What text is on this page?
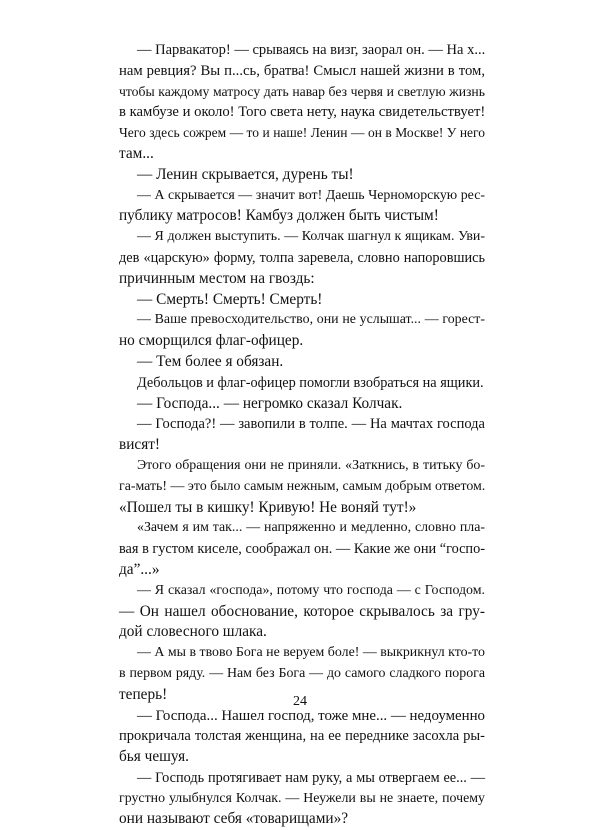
— Парвакатор! — срываясь на визг, заорал он. — На х...
нам ревция? Вы п...сь, братва! Смысл нашей жизни в том,
чтобы каждому матросу дать навар без червя и светлую жизнь
в камбузе и около! Того света нету, наука свидетельствует!
Чего здесь сожрем — то и наше! Ленин — он в Москве! У него
там...
— Ленин скрывается, дурень ты!
— А скрывается — значит вот! Даешь Черноморскую рес-
публику матросов! Камбуз должен быть чистым!
— Я должен выступить. — Колчак шагнул к ящикам. Уви-
дев «царскую» форму, толпа заревела, словно напоровшись
причинным местом на гвоздь:
— Смерть! Смерть! Смерть!
— Ваше превосходительство, они не услышат... — горест-
но сморщился флаг-офицер.
— Тем более я обязан.
Дебольцов и флаг-офицер помогли взобраться на ящики.
— Господа... — негромко сказал Колчак.
— Господа?! — завопили в толпе. — На мачтах господа
висят!
Этого обращения они не приняли. «Заткнись, в титьку бо-
га-мать! — это было самым нежным, самым добрым ответом.
«Пошел ты в кишку! Кривую! Не воняй тут!»
«Зачем я им так... — напряженно и медленно, словно пла-
вая в густом киселе, соображал он. — Какие же они “госпо-
да”...»
— Я сказал «господа», потому что господа — с Господом.
— Он нашел обоснование, которое скрывалось за гру-
дой словесного шлака.
— А мы в твово Бога не веруем боле! — выкрикнул кто-то
в первом ряду. — Нам без Бога — до самого сладкого порога
теперь!
— Господа... Нашел господ, тоже мне... — недоуменно
прокричала толстая женщина, на ее переднике засохла ры-
бья чешуя.
— Господь протягивает нам руку, а мы отвергаем ее... —
грустно улыбнулся Колчак. — Неужели вы не знаете, почему
они называют себя «товарищами»?
24
